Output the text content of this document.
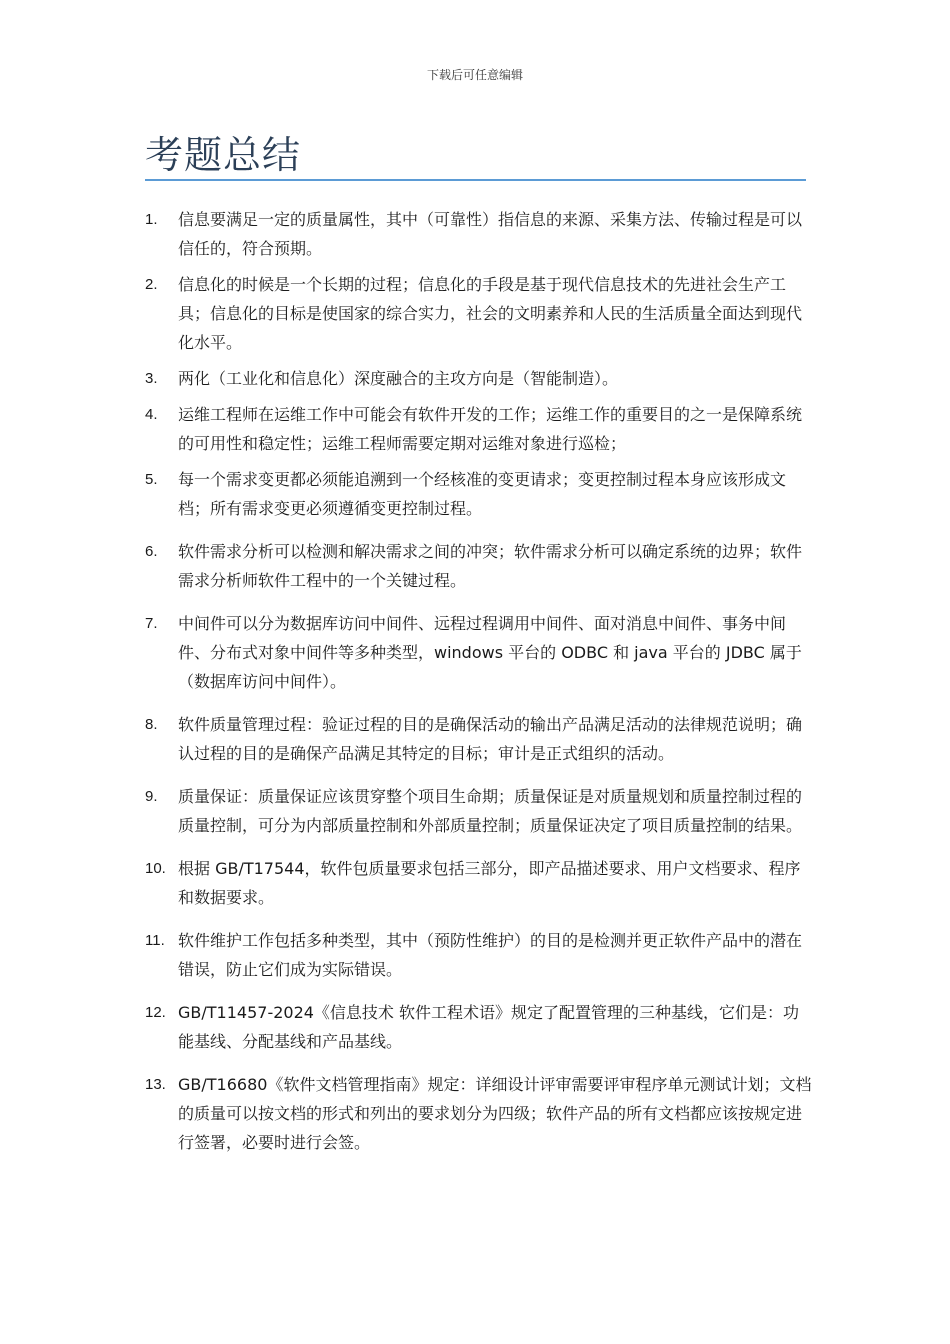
下载后可任意编辑
考题总结
1. 信息要满足一定的质量属性，其中（可靠性）指信息的来源、采集方法、传输过程是可以信任的，符合预期。
2. 信息化的时候是一个长期的过程；信息化的手段是基于现代信息技术的先进社会生产工具；信息化的目标是使国家的综合实力，社会的文明素养和人民的生活质量全面达到现代化水平。
3. 两化（工业化和信息化）深度融合的主攻方向是（智能制造）。
4. 运维工程师在运维工作中可能会有软件开发的工作；运维工作的重要目的之一是保障系统的可用性和稳定性；运维工程师需要定期对运维对象进行巡检；
5. 每一个需求变更都必须能追溯到一个经核准的变更请求；变更控制过程本身应该形成文档；所有需求变更必须遵循变更控制过程。
6. 软件需求分析可以检测和解决需求之间的冲突；软件需求分析可以确定系统的边界；软件需求分析师软件工程中的一个关键过程。
7. 中间件可以分为数据库访问中间件、远程过程调用中间件、面对消息中间件、事务中间件、分布式对象中间件等多种类型，windows 平台的 ODBC 和 java 平台的 JDBC 属于（数据库访问中间件）。
8. 软件质量管理过程：验证过程的目的是确保活动的输出产品满足活动的法律规范说明；确认过程的目的是确保产品满足其特定的目标；审计是正式组织的活动。
9. 质量保证：质量保证应该贯穿整个项目生命期；质量保证是对质量规划和质量控制过程的质量控制，可分为内部质量控制和外部质量控制；质量保证决定了项目质量控制的结果。
10. 根据 GB/T17544，软件包质量要求包括三部分，即产品描述要求、用户文档要求、程序和数据要求。
11. 软件维护工作包括多种类型，其中（预防性维护）的目的是检测并更正软件产品中的潜在错误，防止它们成为实际错误。
12. GB/T11457-2024《信息技术 软件工程术语》规定了配置管理的三种基线，它们是：功能基线、分配基线和产品基线。
13. GB/T16680《软件文档管理指南》规定：详细设计评审需要评审程序单元测试计划；文档的质量可以按文档的形式和列出的要求划分为四级；软件产品的所有文档都应该按规定进行签署，必要时进行会签。
